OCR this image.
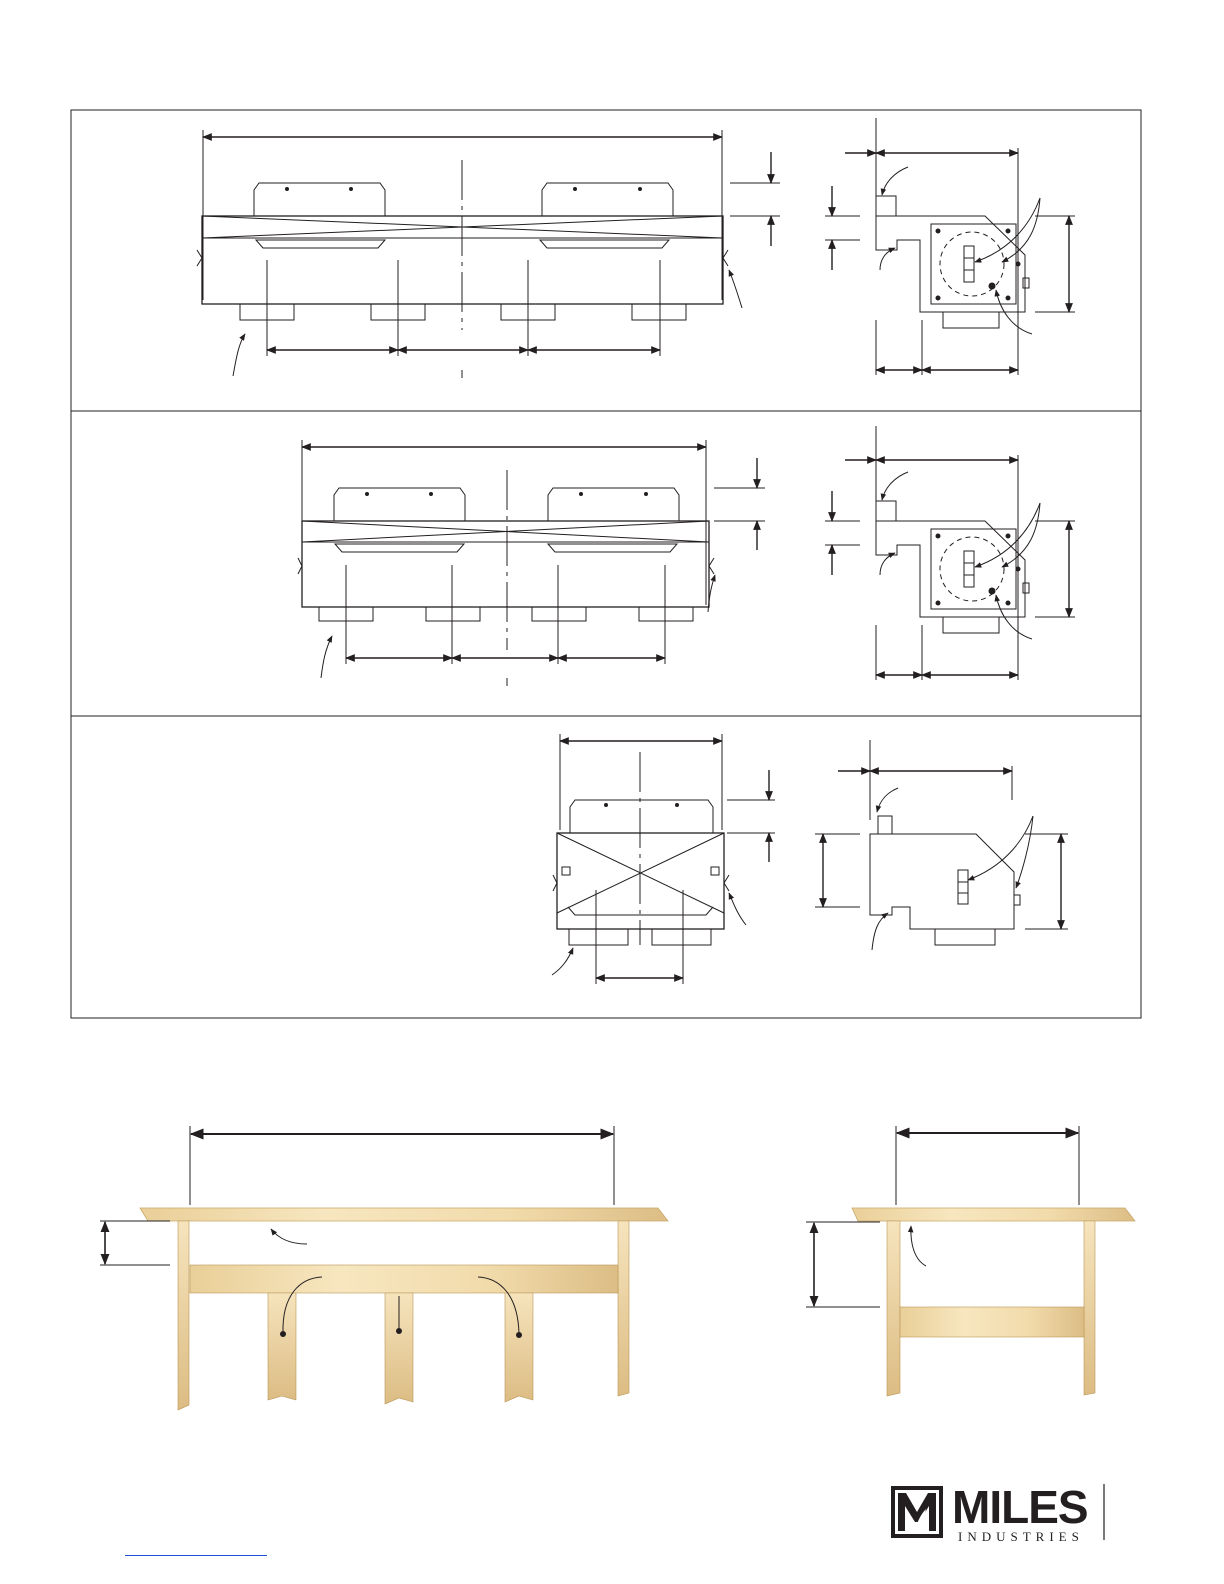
MILES
INDUSTRIES
